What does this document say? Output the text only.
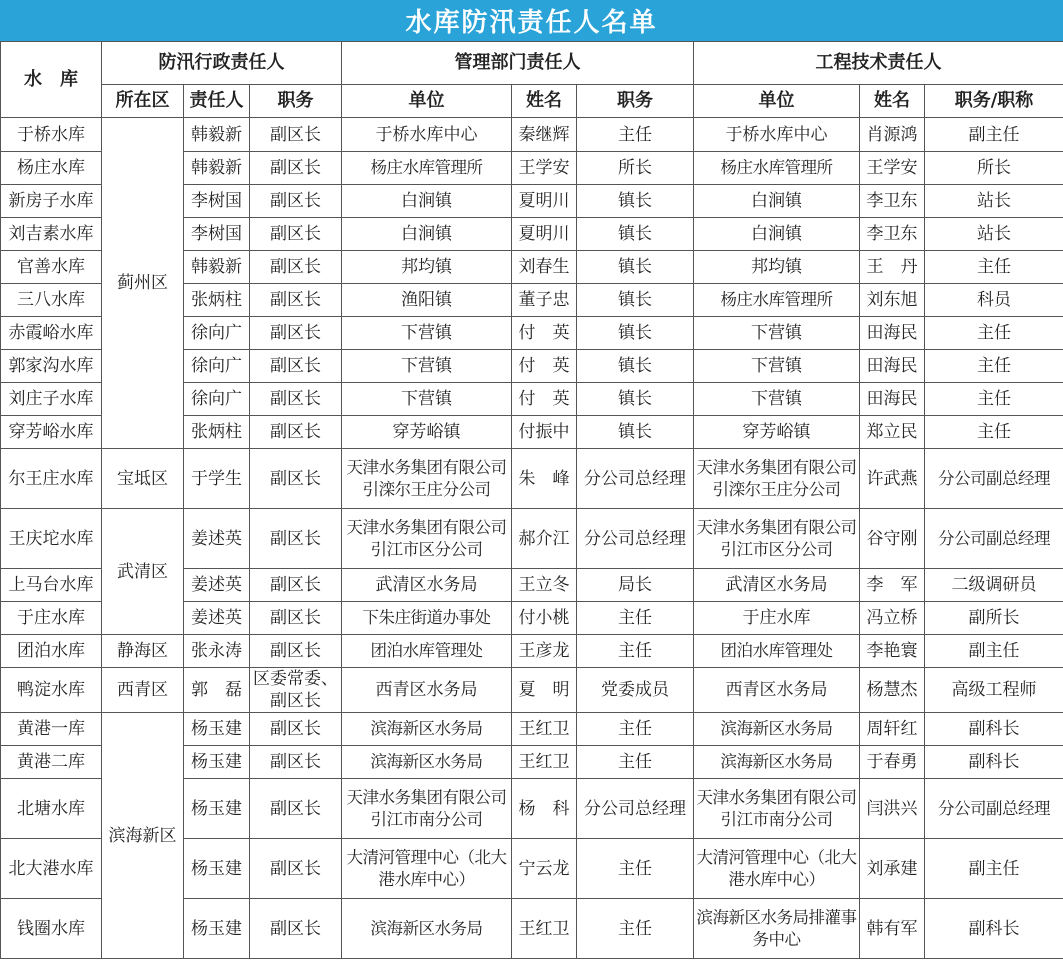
水库防汛责任人名单
水　库	防汛行政责任人			管理部门责任人			工程技术责任人		
	所在区	责任人	职务	单位	姓名	职务	单位	姓名	职务/职称
于桥水库	蓟州区	韩毅新	副区长	于桥水库中心	秦继辉	主任	于桥水库中心	肖源鸿	副主任
杨庄水库		韩毅新	副区长	杨庄水库管理所	王学安	所长	杨庄水库管理所	王学安	所长
新房子水库		李树国	副区长	白涧镇	夏明川	镇长	白涧镇	李卫东	站长
刘吉素水库		李树国	副区长	白涧镇	夏明川	镇长	白涧镇	李卫东	站长
官善水库		韩毅新	副区长	邦均镇	刘春生	镇长	邦均镇	王　丹	主任
三八水库		张炳柱	副区长	渔阳镇	董子忠	镇长	杨庄水库管理所	刘东旭	科员
赤霞峪水库		徐向广	副区长	下营镇	付　英	镇长	下营镇	田海民	主任
郭家沟水库		徐向广	副区长	下营镇	付　英	镇长	下营镇	田海民	主任
刘庄子水库		徐向广	副区长	下营镇	付　英	镇长	下营镇	田海民	主任
穿芳峪水库		张炳柱	副区长	穿芳峪镇	付振中	镇长	穿芳峪镇	郑立民	主任
尔王庄水库	宝坻区	于学生	副区长	天津水务集团有限公司引滦尔王庄分公司	朱　峰	分公司总经理	天津水务集团有限公司引滦尔王庄分公司	许武燕	分公司副总经理
王庆坨水库	武清区	姜述英	副区长	天津水务集团有限公司引江市区分公司	郝介江	分公司总经理	天津水务集团有限公司引江市区分公司	谷守刚	分公司副总经理
上马台水库		姜述英	副区长	武清区水务局	王立冬	局长	武清区水务局	李　军	二级调研员
于庄水库		姜述英	副区长	下朱庄街道办事处	付小桃	主任	于庄水库	冯立桥	副所长
团泊水库	静海区	张永涛	副区长	团泊水库管理处	王彦龙	主任	团泊水库管理处	李艳寰	副主任
鸭淀水库	西青区	郭　磊	区委常委、副区长	西青区水务局	夏　明	党委成员	西青区水务局	杨慧杰	高级工程师
黄港一库	滨海新区	杨玉建	副区长	滨海新区水务局	王红卫	主任	滨海新区水务局	周轩红	副科长
黄港二库		杨玉建	副区长	滨海新区水务局	王红卫	主任	滨海新区水务局	于春勇	副科长
北塘水库		杨玉建	副区长	天津水务集团有限公司引江市南分公司	杨　科	分公司总经理	天津水务集团有限公司引江市南分公司	闫洪兴	分公司副总经理
北大港水库		杨玉建	副区长	大清河管理中心（北大港水库中心）	宁云龙	主任	大清河管理中心（北大港水库中心）	刘承建	副主任
钱圈水库		杨玉建	副区长	滨海新区水务局	王红卫	主任	滨海新区水务局排灌事务中心	韩有军	副科长
